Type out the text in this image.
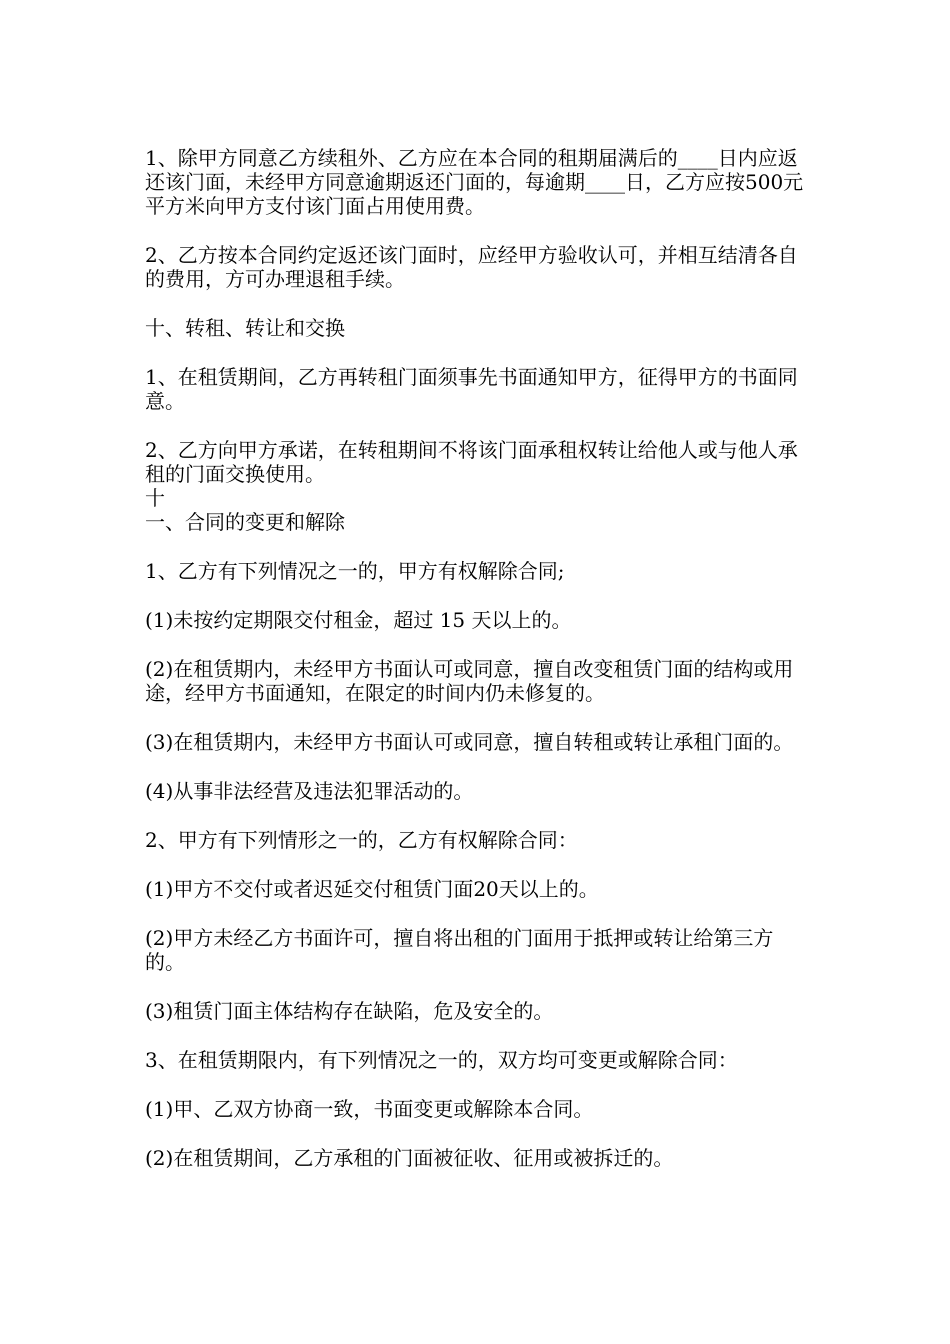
1、除甲方同意乙方续租外、乙方应在本合同的租期届满后的____日内应返还该门面，未经甲方同意逾期返还门面的，每逾期____日，乙方应按500元平方米向甲方支付该门面占用使用费。

2、乙方按本合同约定返还该门面时，应经甲方验收认可，并相互结清各自的费用，方可办理退租手续。

十、转租、转让和交换

1、在租赁期间，乙方再转租门面须事先书面通知甲方，征得甲方的书面同意。

2、乙方向甲方承诺，在转租期间不将该门面承租权转让给他人或与他人承租的门面交换使用。

十

一、合同的变更和解除

1、乙方有下列情况之一的，甲方有权解除合同;

(1)未按约定期限交付租金，超过 15 天以上的。

(2)在租赁期内，未经甲方书面认可或同意，擅自改变租赁门面的结构或用途，经甲方书面通知，在限定的时间内仍未修复的。

(3)在租赁期内，未经甲方书面认可或同意，擅自转租或转让承租门面的。

(4)从事非法经营及违法犯罪活动的。

2、甲方有下列情形之一的，乙方有权解除合同：

(1)甲方不交付或者迟延交付租赁门面20天以上的。

(2)甲方未经乙方书面许可，擅自将出租的门面用于抵押或转让给第三方的。

(3)租赁门面主体结构存在缺陷，危及安全的。

3、在租赁期限内，有下列情况之一的，双方均可变更或解除合同：

(1)甲、乙双方协商一致，书面变更或解除本合同。

(2)在租赁期间，乙方承租的门面被征收、征用或被拆迁的。
